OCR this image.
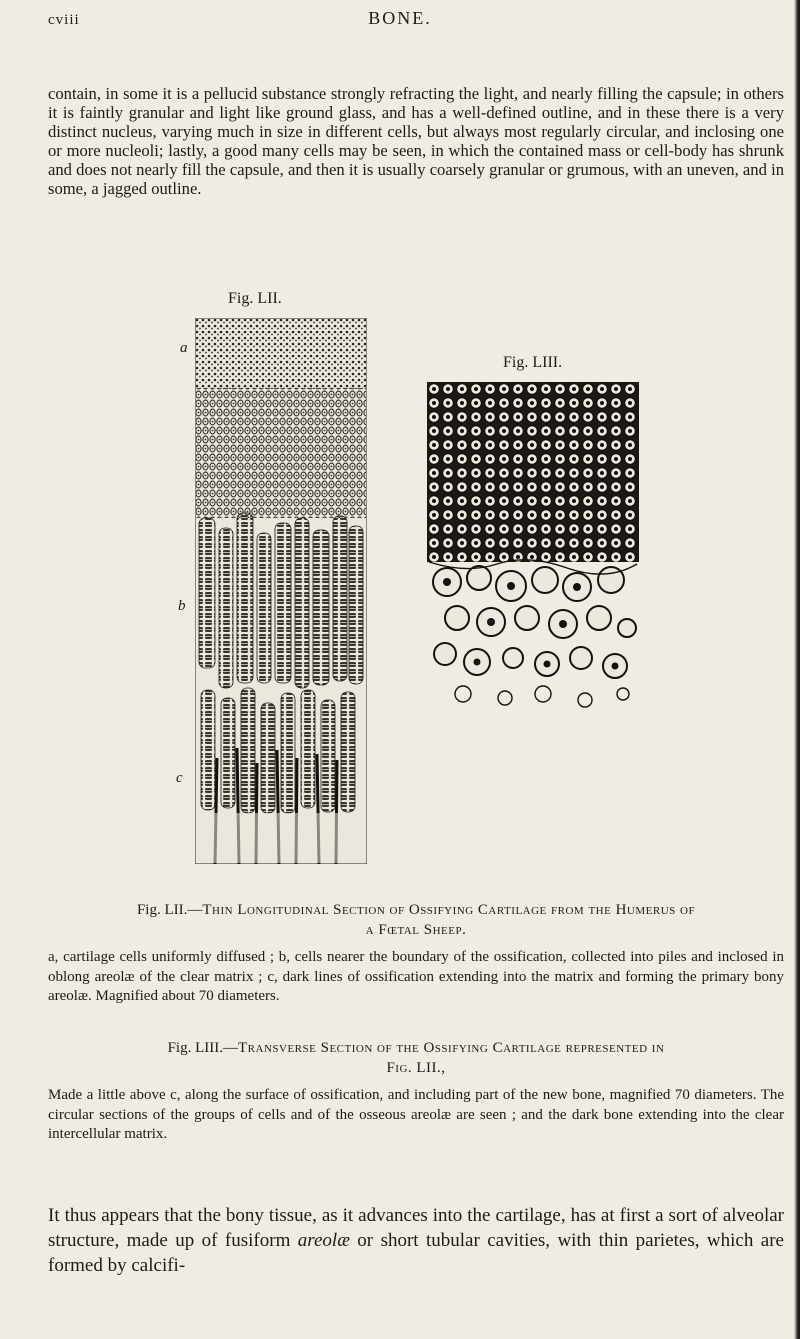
cviii	BONE.

contain, in some it is a pellucid substance strongly refracting the light, and nearly filling the capsule; in others it is faintly granular and light like ground glass, and has a well-defined outline, and in these there is a very distinct nucleus, varying much in size in different cells, but always most regularly circular, and inclosing one or more nucleoli; lastly, a good many cells may be seen, in which the contained mass or cell-body has shrunk and does not nearly fill the capsule, and then it is usually coarsely granular or grumous, with an uneven, and in some, a jagged outline.

Fig. LII.
a
b
c
Fig. LIII.

Fig. LII.—Thin Longitudinal Section of Ossifying Cartilage from the Humerus of
a Fœtal Sheep.

a, cartilage cells uniformly diffused ; b, cells nearer the boundary of the ossification, collected into piles and inclosed in oblong areolæ of the clear matrix ; c, dark lines of ossification extending into the matrix and forming the primary bony areolæ. Magnified about 70 diameters.

Fig. LIII.—Transverse Section of the Ossifying Cartilage represented in
Fig. LII.,

Made a little above c, along the surface of ossification, and including part of the new bone, magnified 70 diameters. The circular sections of the groups of cells and of the osseous areolæ are seen ; and the dark bone extending into the clear intercellular matrix.

It thus appears that the bony tissue, as it advances into the cartilage, has at first a sort of alveolar structure, made up of fusiform areolæ or short tubular cavities, with thin parietes, which are formed by calcifi-
